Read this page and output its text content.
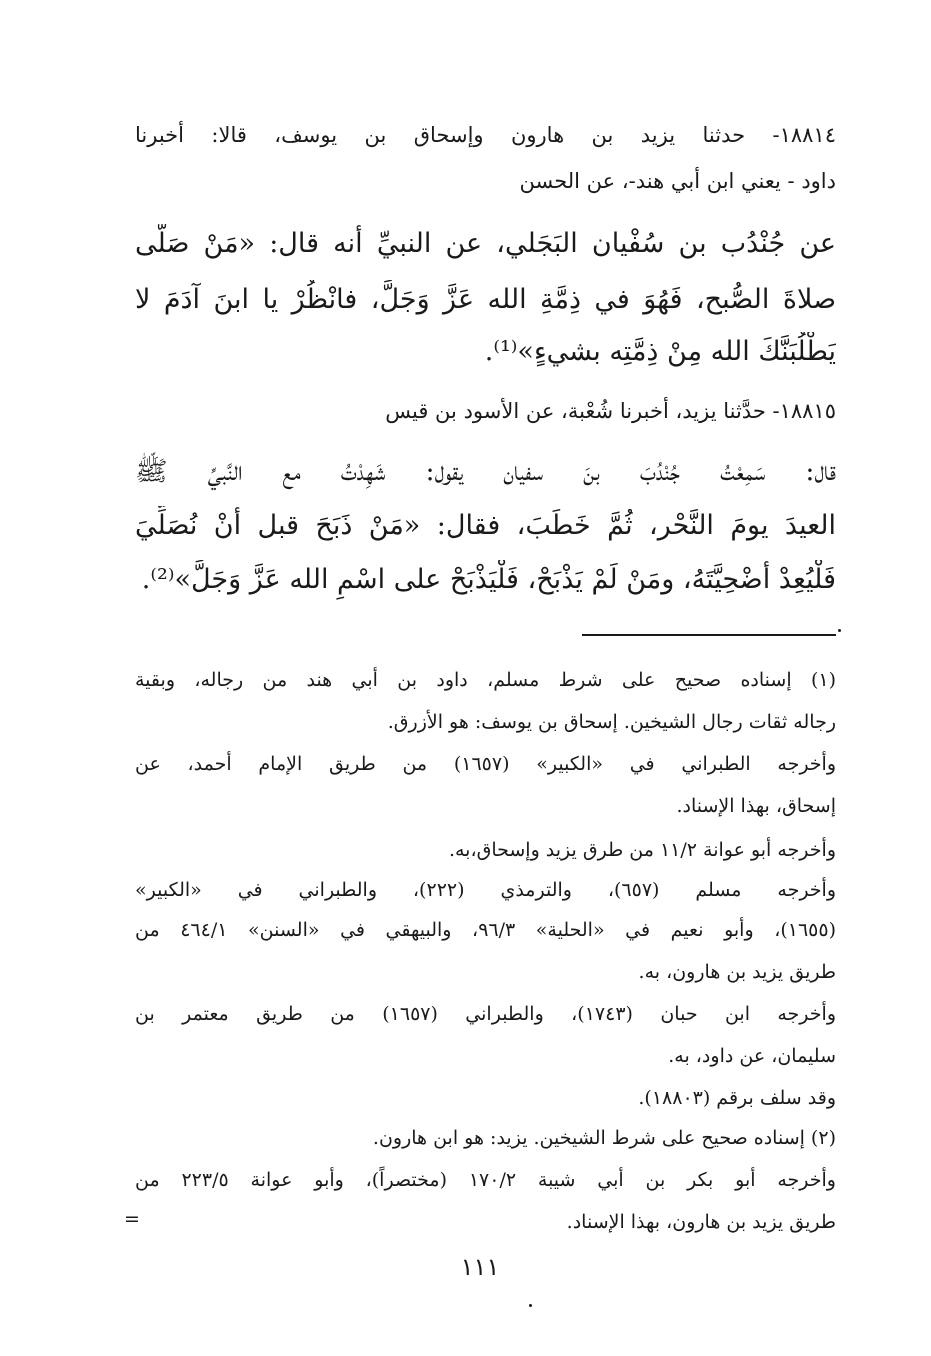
١٨٨١٤- حدثنا يزيد بن هارون وإسحاق بن يوسف، قالا: أخبرنا
داود - يعني ابن أبي هند-، عن الحسن
عن جُنْدُب بن سُفْيان البَجَلي، عن النبيِّ أنه قال: «مَنْ صَلَّى
صلاةَ الصُّبح، فَهُوَ في ذِمَّةِ الله عَزَّ وَجَلَّ، فانْظُرْ يا ابنَ آدَمَ لا
يَطْلُبَنَّكَ الله مِنْ ذِمَّتِه بشيءٍ»⁽¹⁾.
١٨٨١٥- حدَّثنا يزيد، أخبرنا شُعْبة، عن الأسود بن قيس
قال: سَمِعْتُ جُنْدُبَ بنَ سفيان يقول: شَهِدْتُ مع النَّبيِّ ﷺ
العيدَ يومَ النَّحْر، ثُمَّ خَطَبَ، فقال: «مَنْ ذَبَحَ قبل أنْ نُصَلِّيَ
فَلْيُعِدْ أُضْحِيَّتَهُ، ومَنْ لَمْ يَذْبَحْ، فَلْيَذْبَحْ على اسْمِ الله عَزَّ وَجَلَّ»⁽²⁾.
(١) إسناده صحيح على شرط مسلم، داود بن أبي هند من رجاله، وبقية
رجاله ثقات رجال الشيخين. إسحاق بن يوسف: هو الأزرق.
وأخرجه الطبراني في «الكبير» (١٦٥٧) من طريق الإمام أحمد، عن
إسحاق، بهذا الإسناد.
وأخرجه أبو عوانة ١١/٢ من طرق يزيد وإسحاق،به.
وأخرجه مسلم (٦٥٧)، والترمذي (٢٢٢)، والطبراني في «الكبير»
(١٦٥٥)، وأبو نعيم في «الحلية» ٩٦/٣، والبيهقي في «السنن» ٤٦٤/١ من
طريق يزيد بن هارون، به.
وأخرجه ابن حبان (١٧٤٣)، والطبراني (١٦٥٧) من طريق معتمر بن
سليمان، عن داود، به.
وقد سلف برقم (١٨٨٠٣).
(٢) إسناده صحيح على شرط الشيخين. يزيد: هو ابن هارون.
وأخرجه أبو بكر بن أبي شيبة ١٧٠/٢ (مختصراً)، وأبو عوانة ٢٢٣/٥ من
طريق يزيد بن هارون، بهذا الإسناد.
=
١١١
